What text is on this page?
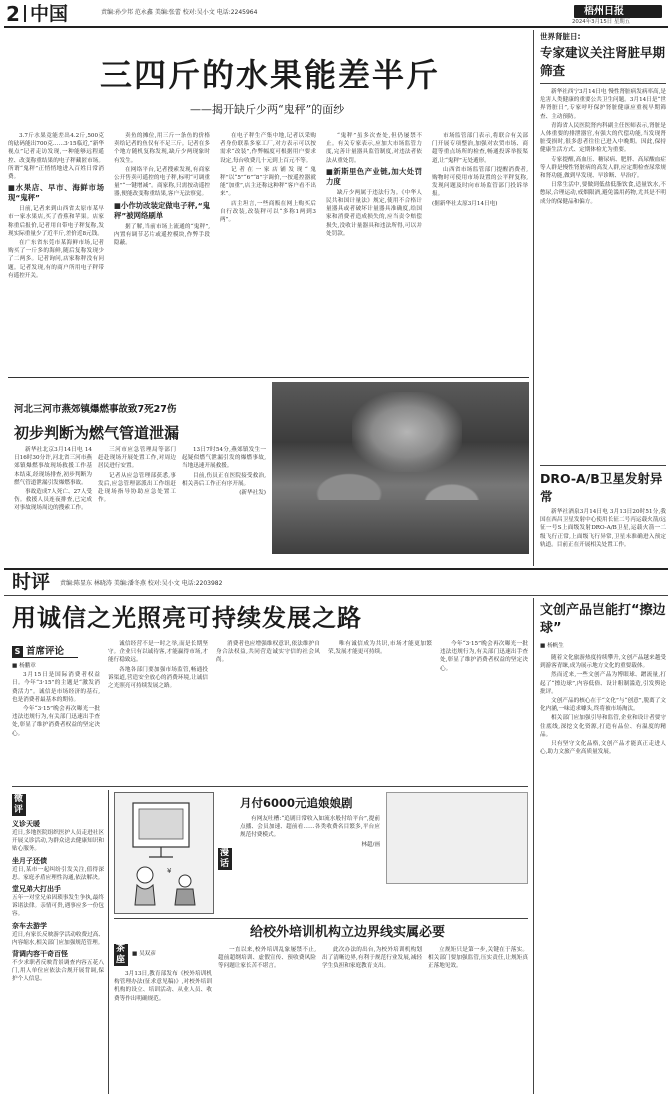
2 中国	责编:孙少邦 范永鑫 美编:张蕾 校对:吴小文 电话:2245964	梧州日报
2024年3月15日 星期五
三四斤的水果能差半斤
——揭开缺斤少两“鬼秤”的面纱

3.7斤水果竟能差出4.2斤,500克的砝码能出700克……3·15临近,“新华视点”记者走访发现,一种能够远程遥控、改变称重结果的电子秤藏匿市场。所谓“鬼秤”正悄悄地进入百姓日常消费。

■水果店、早市、海鲜市场现“鬼秤”

日前,记者来到山西省太原市某早市一家水果店,买了香蕉和苹果。店家称重后报价,记者用自带电子秤复称,发现实际重量少了近半斤,差价近8元钱。

在广东省东莞市某海鲜市场,记者购买了一斤多的海鲜,随后复称发现少了二两多。记者询问,店家称秤没有问题。记者发现,有的商户所用电子秤带有遥控开关。

卖鱼的摊位,用三斤一条鱼的价格卖给记者的鱼仅有不足三斤。记者在多个地方随机复称发现,缺斤少两现象时有发生。

在网络平台,记者搜索发现,有商家公开售卖可遥控的电子秤,标明“可调重量”“一键增减”。商家称,只需按动遥控器,便能改变称重结果,客户无法察觉。

■小作坊改装定做电子秤,“鬼秤”被网络刷单

据了解,当前市场上流通的“鬼秤”,内置有调节芯片或遥控模块,作弊手段隐蔽。

在电子秤生产集中地,记者以采购者身份联系多家工厂,对方表示可以按需求“改装”,作弊幅度可根据用户要求设定,每台收费几十元到上百元不等。

记者在一家店铺发现“鬼秤”以“5”“6”“8”字调价,一按遥控器就能“加重”,店主还称这种秤“客户看不出来”。

店主坦言,一些商贩在网上购买后自行改装,改装秤可以“多称1两到3两”。

“鬼秤”虽多次查处,但仍屡禁不止。有关专家表示,应加大市场监管力度,完善计量器具监管制度,对违法者依法从重处罚。

■新斯里色产业链,加大处罚力度

缺斤少两属于违法行为。《中华人民共和国计量法》规定,使用不合格计量器具或者破坏计量器具准确度,给国家和消费者造成损失的,应当责令赔偿损失,没收计量器具和违法所得,可以并处罚款。

市场监管部门表示,将联合有关部门开展专项整治,加强对农贸市场、商超等重点场所的检查,畅通投诉举报渠道,让“鬼秤”无处遁形。

山西省市场监管部门提醒消费者,购物时可使用市场设置的公平秤复称,发现问题及时向市场监管部门投诉举报。

(据新华社太原3月14日电)

世界肾脏日:
专家建议关注肾脏早期筛查

新华社西宁3月14日电 慢性肾脏病发病率高,是危害人类健康的重要公共卫生问题。3月14日是“世界肾脏日”,专家呼吁保护肾脏健康应重视早期筛查、主动预防。

青海省人民医院肾内科副主任医师表示,肾脏是人体重要的排泄器官,有强大的代偿功能,当发现肾脏受损时,很多患者往往已进入中晚期。因此,保持健康生活方式、定期体检尤为重要。

专家提醒,高血压、糖尿病、肥胖、高尿酸血症等人群是慢性肾脏病的高发人群,应定期检查尿常规和肾功能,做到早发现、早诊断、早治疗。

日常生活中,要做到低盐低脂饮食,适量饮水,不憋尿,合理运动,戒烟限酒,避免滥用药物,尤其是不明成分的保健品和偏方。

DRO-A/B卫星发射异常

新华社酒泉3月14日电 3月13日20时51分,我国在西昌卫星发射中心使用长征二号丙运载火箭/远征一号S上面级发射DRO-A/B卫星,运载火箭一二级飞行正常,上面级飞行异常,卫星未准确进入预定轨道。目前正在开展相关处置工作。

河北三河市燕郊镇爆燃事故致7死27伤
初步判断为燃气管道泄漏

新华社北京3月14日电 14日16时30分许,河北省三河市燕郊镇爆燃事故现场救援工作基本结束,经现场排查,初步判断为燃气管道泄漏引发爆燃事故。

事故造成7人死亡、27人受伤。救援人员连夜排查,已完成对事故现场周边的搜索工作。

三河市应急管理局等部门赶赴现场开展处置工作,对周边居民进行安置。

记者从应急管理部获悉,事发后,应急管理部派出工作组赶赴现场指导协助应急处置工作。

13日7时54分,燕郊镇发生一起疑似燃气泄漏引发的爆燃事故,当地迅速开展救援。

目前,伤员正在医院接受救治,相关善后工作正有序开展。

(新华社发)

时评 责编:陈显东 林晓涛 美编:潘冬燕 校对:吴小文 电话:2203982
用诚信之光照亮可持续发展之路
S 首席评论

■ 杨鹏章

3月15日是国际消费者权益日。今年“3·15”的主题是“激发消费活力”。诚信是市场经济的基石,也是消费者最基本的期待。

今年“3·15”晚会再次曝光一批违法违规行为,有关部门迅速出手查处,彰显了维护消费者权益的坚定决心。

诚信经营不是一时之举,而是长期坚守。企业只有以诚待客,才能赢得市场,才能行稳致远。

各地各部门要加强市场监管,畅通投诉渠道,营造安全放心的消费环境,让诚信之光照亮可持续发展之路。

消费者也应增强维权意识,依法维护自身合法权益,共同营造诚实守信的社会风尚。

唯有诚信成为共识,市场才能更加繁荣,发展才能更可持续。

今年“3·15”晚会再次曝光一批违法违规行为,有关部门迅速出手查处,彰显了维护消费者权益的坚定决心。

微评
义诊天暖
近日,多地医院组织医护人员走进社区开展义诊活动,为群众送去健康知识和贴心服务。
坐月子还债
近日,某市一起纠纷引发关注,值得深思。家庭矛盾应理性沟通,依法解决。
堂兄弟大打出手
五年一对堂兄弟因琐事发生争执,最终诉诸法律。亲情可贵,遇事应多一份包容。
奈车去游学
近日,有家长反映游学活动收费过高、内容缩水,相关部门应加强规范管理。
背调内容干奇百怪
不少求职者反映背景调查内容五花八门,用人单位应依法合规开展背调,保护个人信息。
漫话
¥
月付6000元追娘娘剧

有网友吐槽:“追剧日常收入如流水般付给平台”,提前点播、会员加速、超前看……各类收费名目繁多,平台应规范付费模式。

林超/画

给校外培训机构立边界线实属必要
茶座
■ 吴双彦

3月13日,教育部发布《校外培训机构管理办法(征求意见稿)》,对校外培训机构的设立、培训活动、从业人员、收费等作出明确规范。

一直以来,校外培训乱象屡禁不止,超前超纲培训、虚假宣传、预收费风险等问题让家长苦不堪言。

此次办法的出台,为校外培训机构划出了清晰边界,有利于规范行业发展,减轻学生负担和家庭教育支出。

立规矩只是第一步,关键在于落实。相关部门要加强监管,压实责任,让规矩真正落地见效。

文创产品岂能打“擦边球”
■ 杨帆生

随着文化旅游热度持续攀升,文创产品越来越受到游客青睐,成为展示地方文化的重要载体。

然而近来,一些文创产品为博眼球、蹭流量,打起了“擦边球”,内容低俗、设计粗制滥造,引发舆论批评。

文创产品的核心在于“文化”与“创意”,脱离了文化内涵,一味追求噱头,终将被市场淘汰。

相关部门应加强引导和监管,企业和设计者要守住底线,深挖文化资源,打造有品位、有温度的精品。

只有坚守文化品格,文创产品才能真正走进人心,助力文旅产业高质量发展。
